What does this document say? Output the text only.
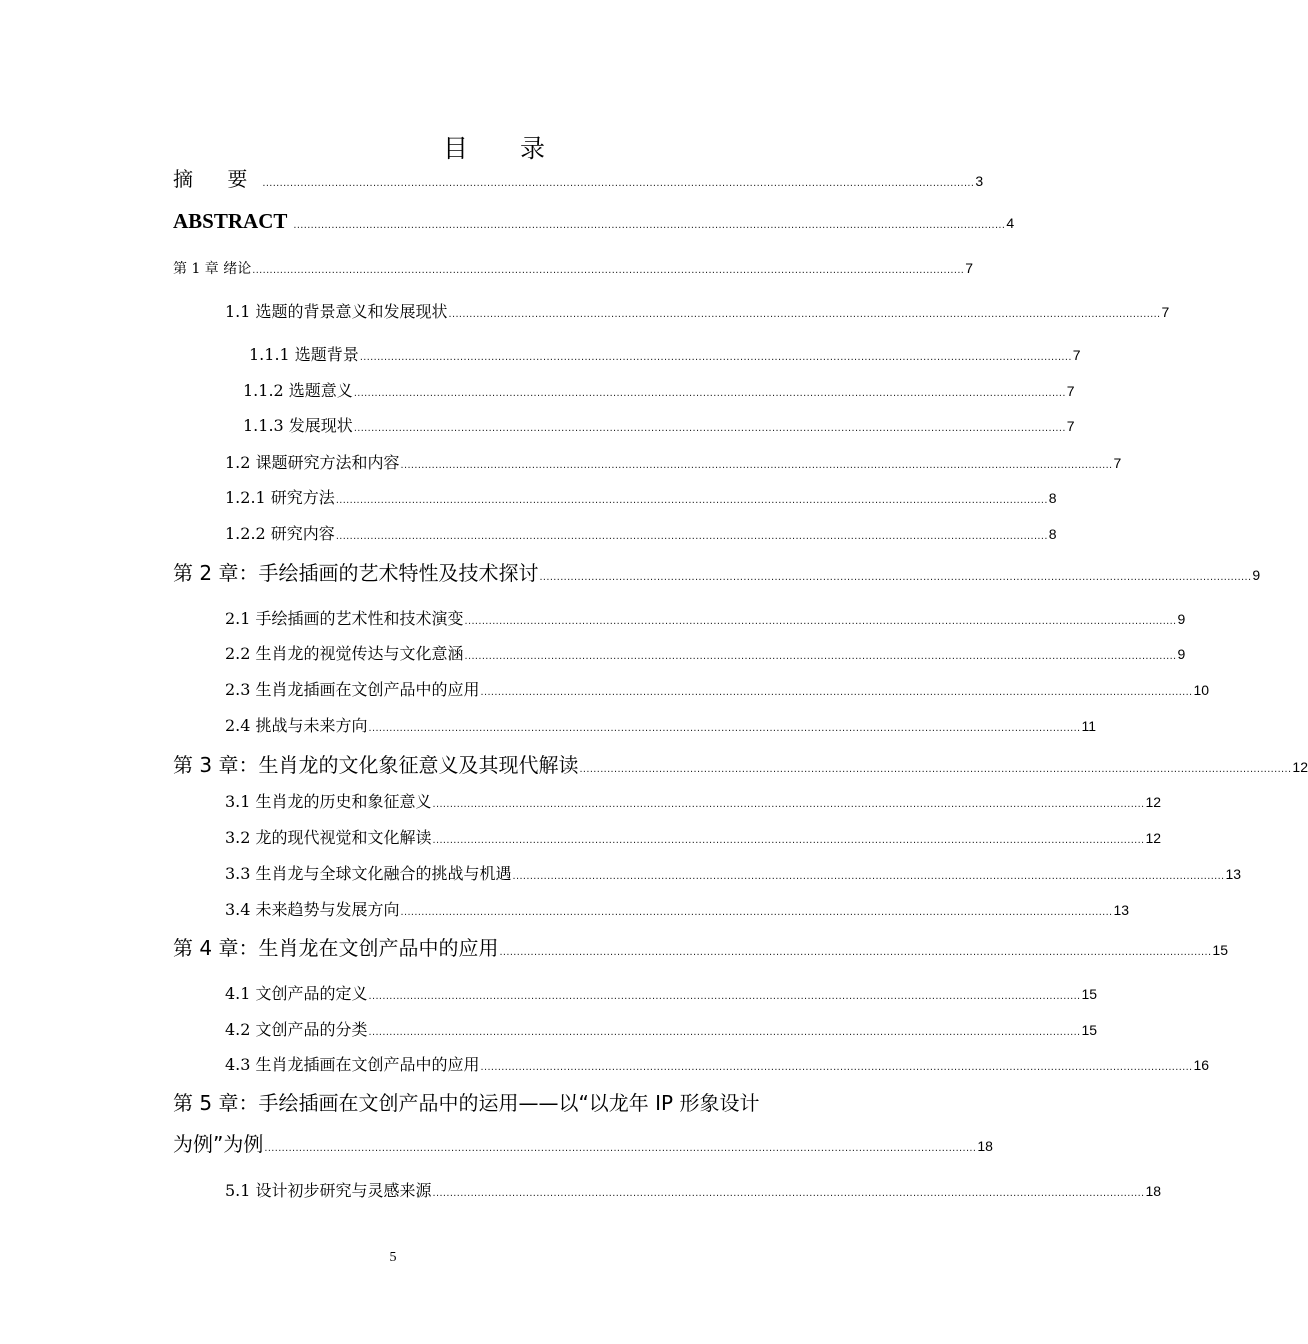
目 录
摘 要 .............................................................................................................................................................................................................. 3
ABSTRACT .............................................................................................................................................................................................................. 4
第 1 章 绪论 .............................................................................................................................................................................................................. 7
1.1 选题的背景意义和发展现状 .............................................................................................................................................................................................................. 7
1.1.1 选题背景 .............................................................................................................................................................................................................. 7
1.1.2 选题意义 .............................................................................................................................................................................................................. 7
1.1.3 发展现状 .............................................................................................................................................................................................................. 7
1.2 课题研究方法和内容 .............................................................................................................................................................................................................. 7
1.2.1 研究方法 .............................................................................................................................................................................................................. 8
1.2.2 研究内容 .............................................................................................................................................................................................................. 8
第 2 章：手绘插画的艺术特性及技术探讨 .............................................................................................................................................................................................................. 9
2.1 手绘插画的艺术性和技术演变 .............................................................................................................................................................................................................. 9
2.2 生肖龙的视觉传达与文化意涵 .............................................................................................................................................................................................................. 9
2.3 生肖龙插画在文创产品中的应用 .............................................................................................................................................................................................................. 10
2.4 挑战与未来方向 .............................................................................................................................................................................................................. 11
第 3 章：生肖龙的文化象征意义及其现代解读 .............................................................................................................................................................................................................. 12
3.1 生肖龙的历史和象征意义 .............................................................................................................................................................................................................. 12
3.2 龙的现代视觉和文化解读 .............................................................................................................................................................................................................. 12
3.3 生肖龙与全球文化融合的挑战与机遇 .............................................................................................................................................................................................................. 13
3.4 未来趋势与发展方向 .............................................................................................................................................................................................................. 13
第 4 章：生肖龙在文创产品中的应用 .............................................................................................................................................................................................................. 15
4.1 文创产品的定义 .............................................................................................................................................................................................................. 15
4.2 文创产品的分类 .............................................................................................................................................................................................................. 15
4.3 生肖龙插画在文创产品中的应用 .............................................................................................................................................................................................................. 16
第 5 章：手绘插画在文创产品中的运用——以“以龙年 IP 形象设计
为例”为例 .............................................................................................................................................................................................................. 18
5.1 设计初步研究与灵感来源 .............................................................................................................................................................................................................. 18
5
